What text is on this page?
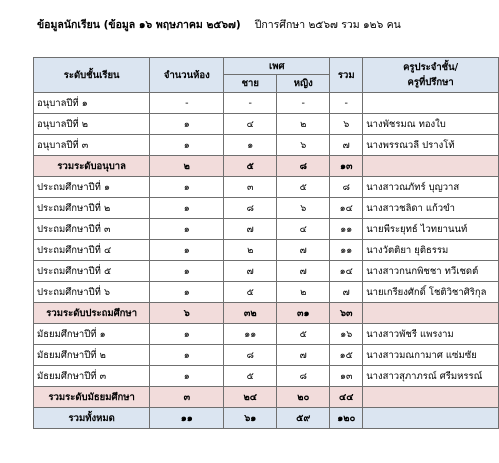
ข้อมูลนักเรียน (ข้อมูล ๑๖ พฤษภาคม ๒๕๖๗) ปีการศึกษา ๒๕๖๗ รวม ๑๒๖ คน
ระดับชั้นเรียน	จำนวนห้อง	เพศ		รวม	ครูประจำชั้น/
ครูที่ปรึกษา
		ชาย	หญิง		
อนุบาลปีที่ ๑	-	-	-	-	
อนุบาลปีที่ ๒	๑	๔	๒	๖	นางพัชรมณ ทองใบ
อนุบาลปีที่ ๓	๑	๑	๖	๗	นางพรรณวลี ปรางโท้
รวมระดับอนุบาล	๒	๕	๘	๑๓	
ประถมศึกษาปีที่ ๑	๑	๓	๕	๘	นางสาวณภัทร์ บุญวาส
ประถมศึกษาปีที่ ๒	๑	๘	๖	๑๔	นางสาวชลิดา แก้วขำ
ประถมศึกษาปีที่ ๓	๑	๗	๔	๑๑	นายพีระยุทธ์ ไวทยานนท์
ประถมศึกษาปีที่ ๔	๑	๒	๗	๑๑	นางวัตติยา ยุติธรรม
ประถมศึกษาปีที่ ๕	๑	๗	๗	๑๔	นางสาวกนกพิชชา ทวีเชดต์
ประถมศึกษาปีที่ ๖	๑	๕	๒	๗	นายเกรียงศักดิ์ โชติวิชาศิริกุล
รวมระดับประถมศึกษา	๖	๓๒	๓๑	๖๓	
มัธยมศึกษาปีที่ ๑	๑	๑๑	๕	๑๖	นางสาวพัชรี แพรงาม
มัธยมศึกษาปีที่ ๒	๑	๘	๗	๑๕	นางสาวมณกามาศ แซ่มซัย
มัธยมศึกษาปีที่ ๓	๑	๕	๘	๑๓	นางสาวสุภาภรณ์ ศรีมหรรณ์
รวมระดับมัธยมศึกษา	๓	๒๔	๒๐	๔๔	
รวมทั้งหมด	๑๑	๖๑	๕๙	๑๒๐	
